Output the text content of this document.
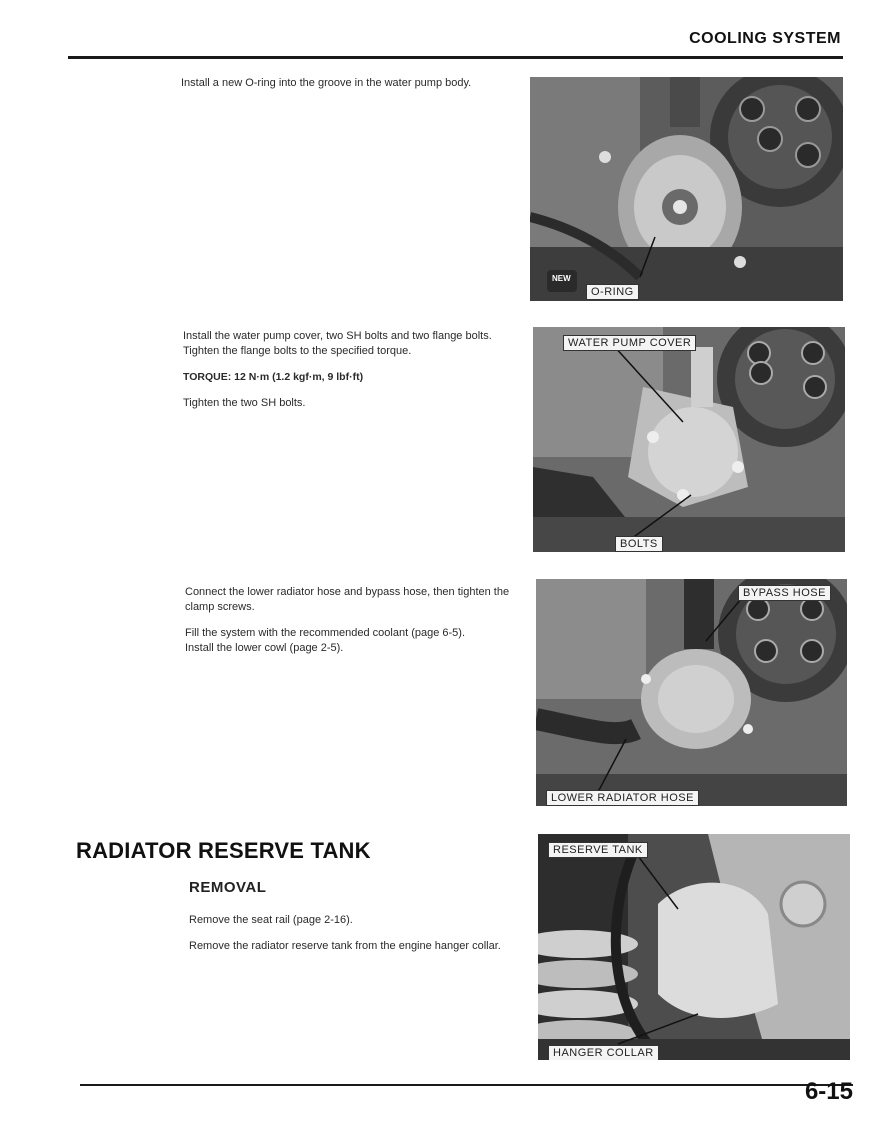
COOLING SYSTEM

Install a new O-ring into the groove in the water pump body.

Install the water pump cover, two SH bolts and two flange bolts.

Tighten the flange bolts to the specified torque.

TORQUE: 12 N·m (1.2 kgf·m, 9 lbf·ft)

Tighten the two SH bolts.

Connect the lower radiator hose and bypass hose, then tighten the clamp screws.

Fill the system with the recommended coolant (page 6-5).

Install the lower cowl (page 2-5).

RADIATOR RESERVE TANK
REMOVAL

Remove the seat rail (page 2-16).

Remove the radiator reserve tank from the engine hanger collar.

NEW
O-RING
WATER PUMP COVER
BOLTS
BYPASS HOSE
LOWER RADIATOR HOSE
RESERVE TANK
HANGER COLLAR
6-15
